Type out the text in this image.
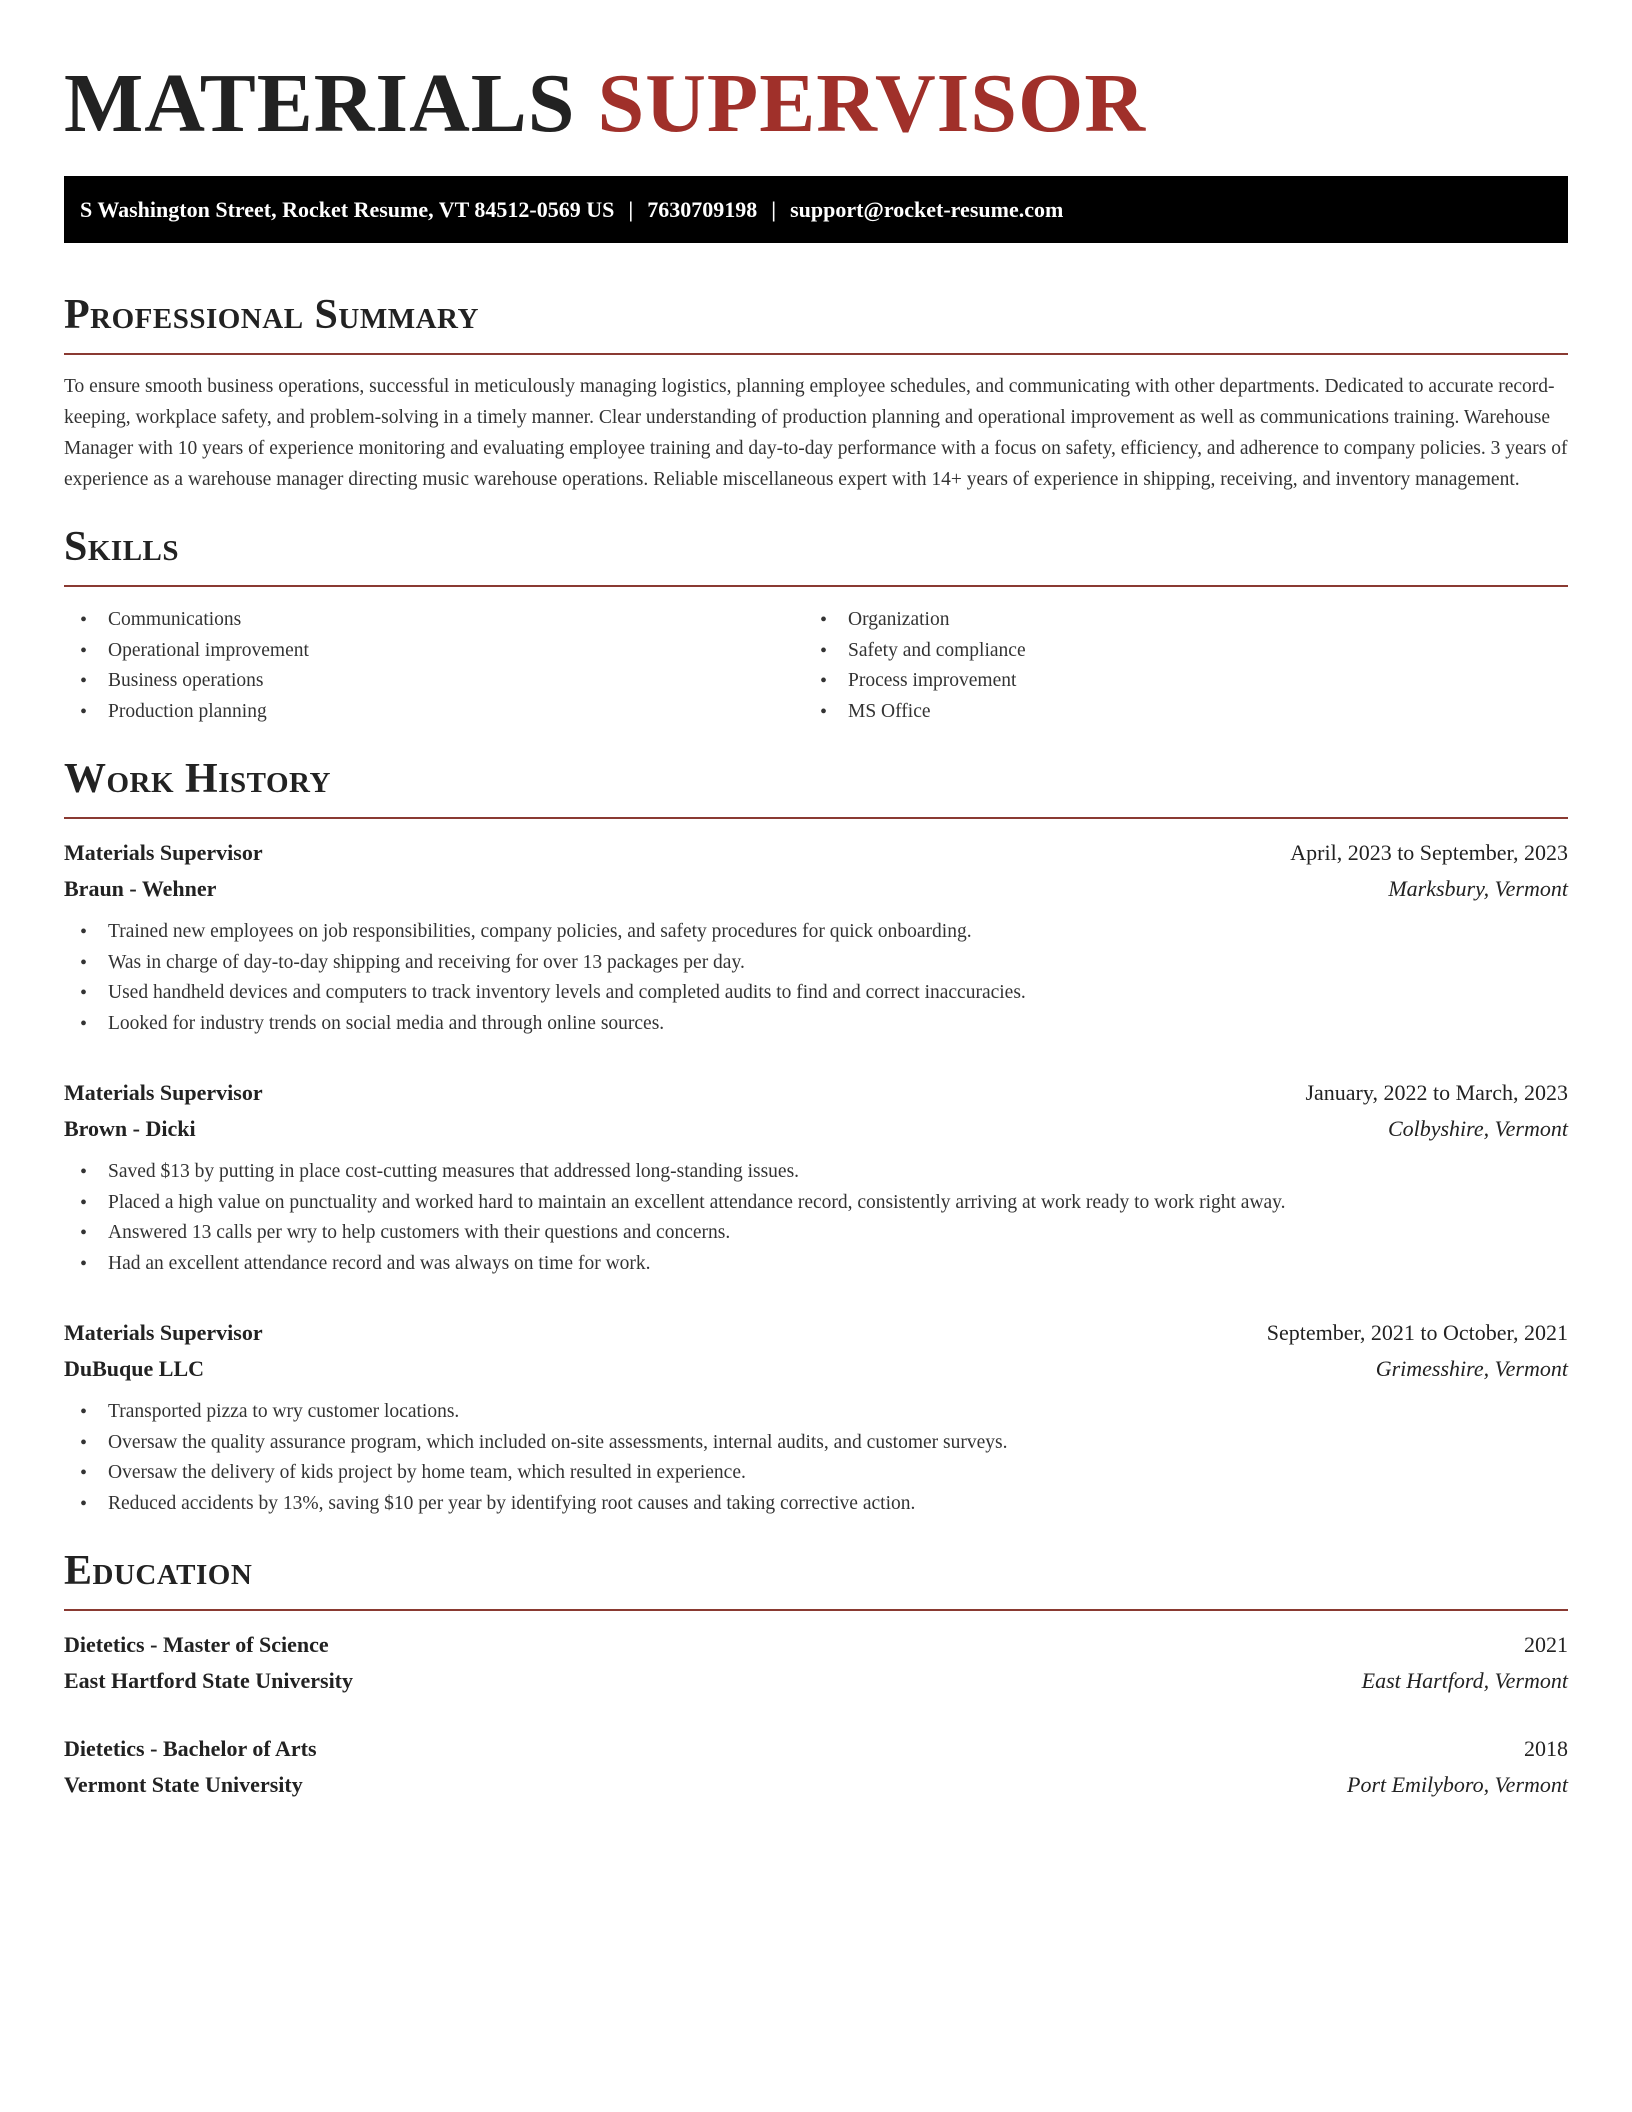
MATERIALS SUPERVISOR
S Washington Street, Rocket Resume, VT 84512-0569 US | 7630709198 | support@rocket-resume.com
Professional Summary

To ensure smooth business operations, successful in meticulously managing logistics, planning employee schedules, and communicating with other departments. Dedicated to accurate record-keeping, workplace safety, and problem-solving in a timely manner. Clear understanding of production planning and operational improvement as well as communications training. Warehouse Manager with 10 years of experience monitoring and evaluating employee training and day-to-day performance with a focus on safety, efficiency, and adherence to company policies. 3 years of experience as a warehouse manager directing music warehouse operations. Reliable miscellaneous expert with 14+ years of experience in shipping, receiving, and inventory management.

Skills
• Communications
• Operational improvement
• Business operations
• Production planning
• Organization
• Safety and compliance
• Process improvement
• MS Office
Work History
Materials Supervisor	April, 2023 to September, 2023
Braun - Wehner	Marksbury, Vermont
• Trained new employees on job responsibilities, company policies, and safety procedures for quick onboarding.
• Was in charge of day-to-day shipping and receiving for over 13 packages per day.
• Used handheld devices and computers to track inventory levels and completed audits to find and correct inaccuracies.
• Looked for industry trends on social media and through online sources.
Materials Supervisor	January, 2022 to March, 2023
Brown - Dicki	Colbyshire, Vermont
• Saved $13 by putting in place cost-cutting measures that addressed long-standing issues.
• Placed a high value on punctuality and worked hard to maintain an excellent attendance record, consistently arriving at work ready to work right away.
• Answered 13 calls per wry to help customers with their questions and concerns.
• Had an excellent attendance record and was always on time for work.
Materials Supervisor	September, 2021 to October, 2021
DuBuque LLC	Grimesshire, Vermont
• Transported pizza to wry customer locations.
• Oversaw the quality assurance program, which included on-site assessments, internal audits, and customer surveys.
• Oversaw the delivery of kids project by home team, which resulted in experience.
• Reduced accidents by 13%, saving $10 per year by identifying root causes and taking corrective action.
Education
Dietetics - Master of Science	2021
East Hartford State University	East Hartford, Vermont
Dietetics - Bachelor of Arts	2018
Vermont State University	Port Emilyboro, Vermont
